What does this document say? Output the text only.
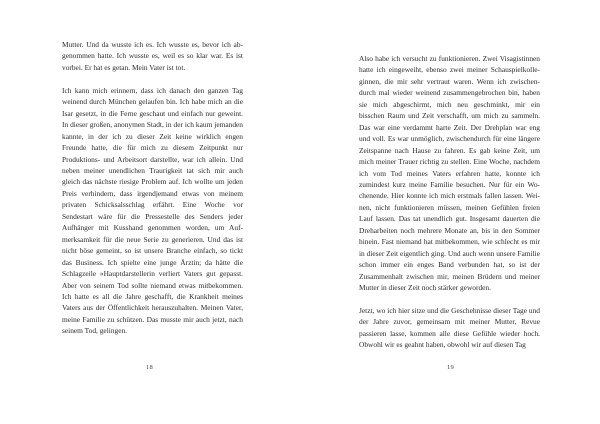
Mutter. Und da wusste ich es. Ich wusste es, bevor ich abgenommen hatte. Ich wusste es, weil es so klar war. Es ist vorbei. Er hat es getan. Mein Vater ist tot.

Ich kann mich erinnern, dass ich danach den ganzen Tag weinend durch München gelaufen bin. Ich habe mich an die Isar gesetzt, in die Ferne geschaut und einfach nur geweint. In dieser großen, anonymen Stadt, in der ich kaum jemanden kannte, in der ich zu dieser Zeit keine wirklich engen Freunde hatte, die für mich zu diesem Zeitpunkt nur Produktions- und Arbeitsort darstellte, war ich allein. Und neben meiner unendlichen Traurigkeit tat sich mir auch gleich das nächste riesige Problem auf. Ich wollte um jeden Preis verhindern, dass irgendjemand etwas von meinem privaten Schicksalsschlag erfährt. Eine Woche vor Sendestart wäre für die Pressestelle des Senders jeder Aufhänger mit Kusshand genommen worden, um Aufmerksamkeit für die neue Serie zu generieren. Und das ist nicht böse gemeint, so ist unsere Branche einfach, so tickt das Business. Ich spielte eine junge Ärztin; da hätte die Schlagzeile »Hauptdarstellerin verliert Vaters gut gepasst. Aber von seinem Tod sollte niemand etwas mitbekommen. Ich hatte es all die Jahre geschafft, die Krankheit meines Vaters aus der Öffentlichkeit herauszuhalten. Meinen Vater, meine Familie zu schützen. Das musste mir auch jetzt, nach seinem Tod, gelingen.

18

Also habe ich versucht zu funktionieren. Zwei Visagistinnen hatte ich eingeweiht, ebenso zwei meiner Schauspielkolleginnen, die mir sehr vertraut waren. Wenn ich zwischendurch mal wieder weinend zusammengebrochen bin, haben sie mich abgeschirmt, mich neu geschminkt, mir ein bisschen Raum und Zeit verschafft, um mich zu sammeln. Das war eine verdammt harte Zeit. Der Drehplan war eng und voll. Es war unmöglich, zwischendurch für eine längere Zeitspanne nach Hause zu fahren. Es gab keine Zeit, um mich meiner Trauer richtig zu stellen. Eine Woche, nachdem ich vom Tod meines Vaters erfahren hatte, konnte ich zumindest kurz meine Familie besuchen. Nur für ein Wochenende. Hier konnte ich mich erstmals fallen lassen. Weinen, nicht funktionieren müssen, meinen Gefühlen freien Lauf lassen. Das tat unendlich gut. Insgesamt dauerten die Dreharbeiten noch mehrere Monate an, bis in den Sommer hinein. Fast niemand hat mitbekommen, wie schlecht es mir in dieser Zeit eigentlich ging. Und auch wenn unsere Familie schon immer ein enges Band verbunden hat, so ist der Zusammenhalt zwischen mir, meinen Brüdern und meiner Mutter in dieser Zeit noch stärker geworden.

Jetzt, wo ich hier sitze und die Geschehnisse dieser Tage und der Jahre zuvor, gemeinsam mit meiner Mutter, Revue passieren lasse, kommen alle diese Gefühle wieder hoch. Obwohl wir es geahnt haben, obwohl wir auf diesen Tag

19
